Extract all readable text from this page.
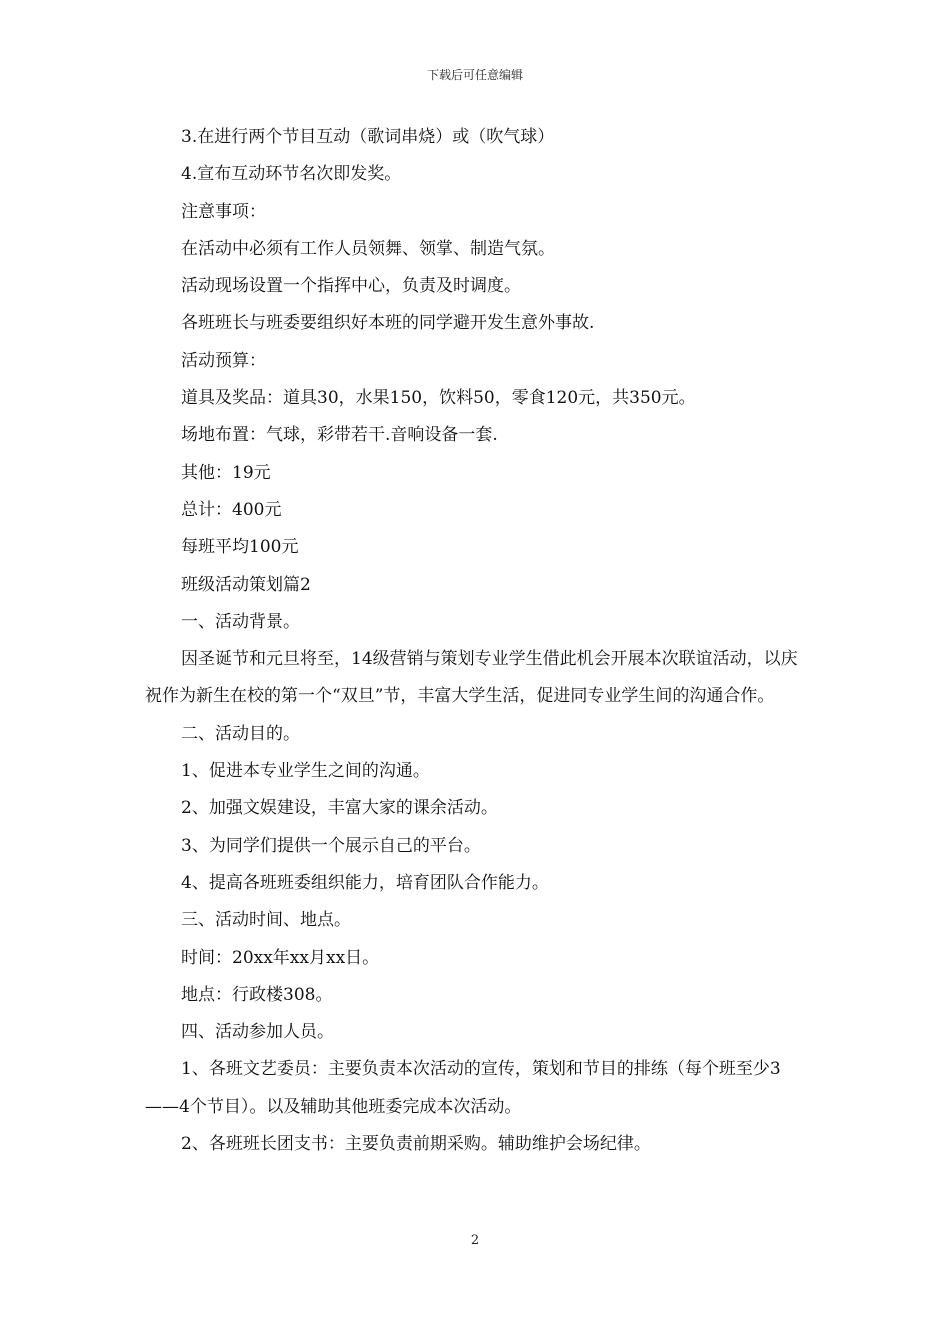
下载后可任意编辑

3.在进行两个节目互动（歌词串烧）或（吹气球）

4.宣布互动环节名次即发奖。

注意事项：

在活动中必须有工作人员领舞、领掌、制造气氛。

活动现场设置一个指挥中心，负责及时调度。

各班班长与班委要组织好本班的同学避开发生意外事故.

活动预算：

道具及奖品：道具30，水果150，饮料50，零食120元，共350元。

场地布置：气球，彩带若干.音响设备一套.

其他：19元

总计：400元

每班平均100元

班级活动策划篇2

一、活动背景。

因圣诞节和元旦将至，14级营销与策划专业学生借此机会开展本次联谊活动，以庆祝作为新生在校的第一个“双旦”节，丰富大学生活，促进同专业学生间的沟通合作。

二、活动目的。

1、促进本专业学生之间的沟通。

2、加强文娱建设，丰富大家的课余活动。

3、为同学们提供一个展示自己的平台。

4、提高各班班委组织能力，培育团队合作能力。

三、活动时间、地点。

时间：20xx年xx月xx日。

地点：行政楼308。

四、活动参加人员。

1、各班文艺委员：主要负责本次活动的宣传，策划和节目的排练（每个班至少3——4个节目）。以及辅助其他班委完成本次活动。

2、各班班长团支书：主要负责前期采购。辅助维护会场纪律。

2
